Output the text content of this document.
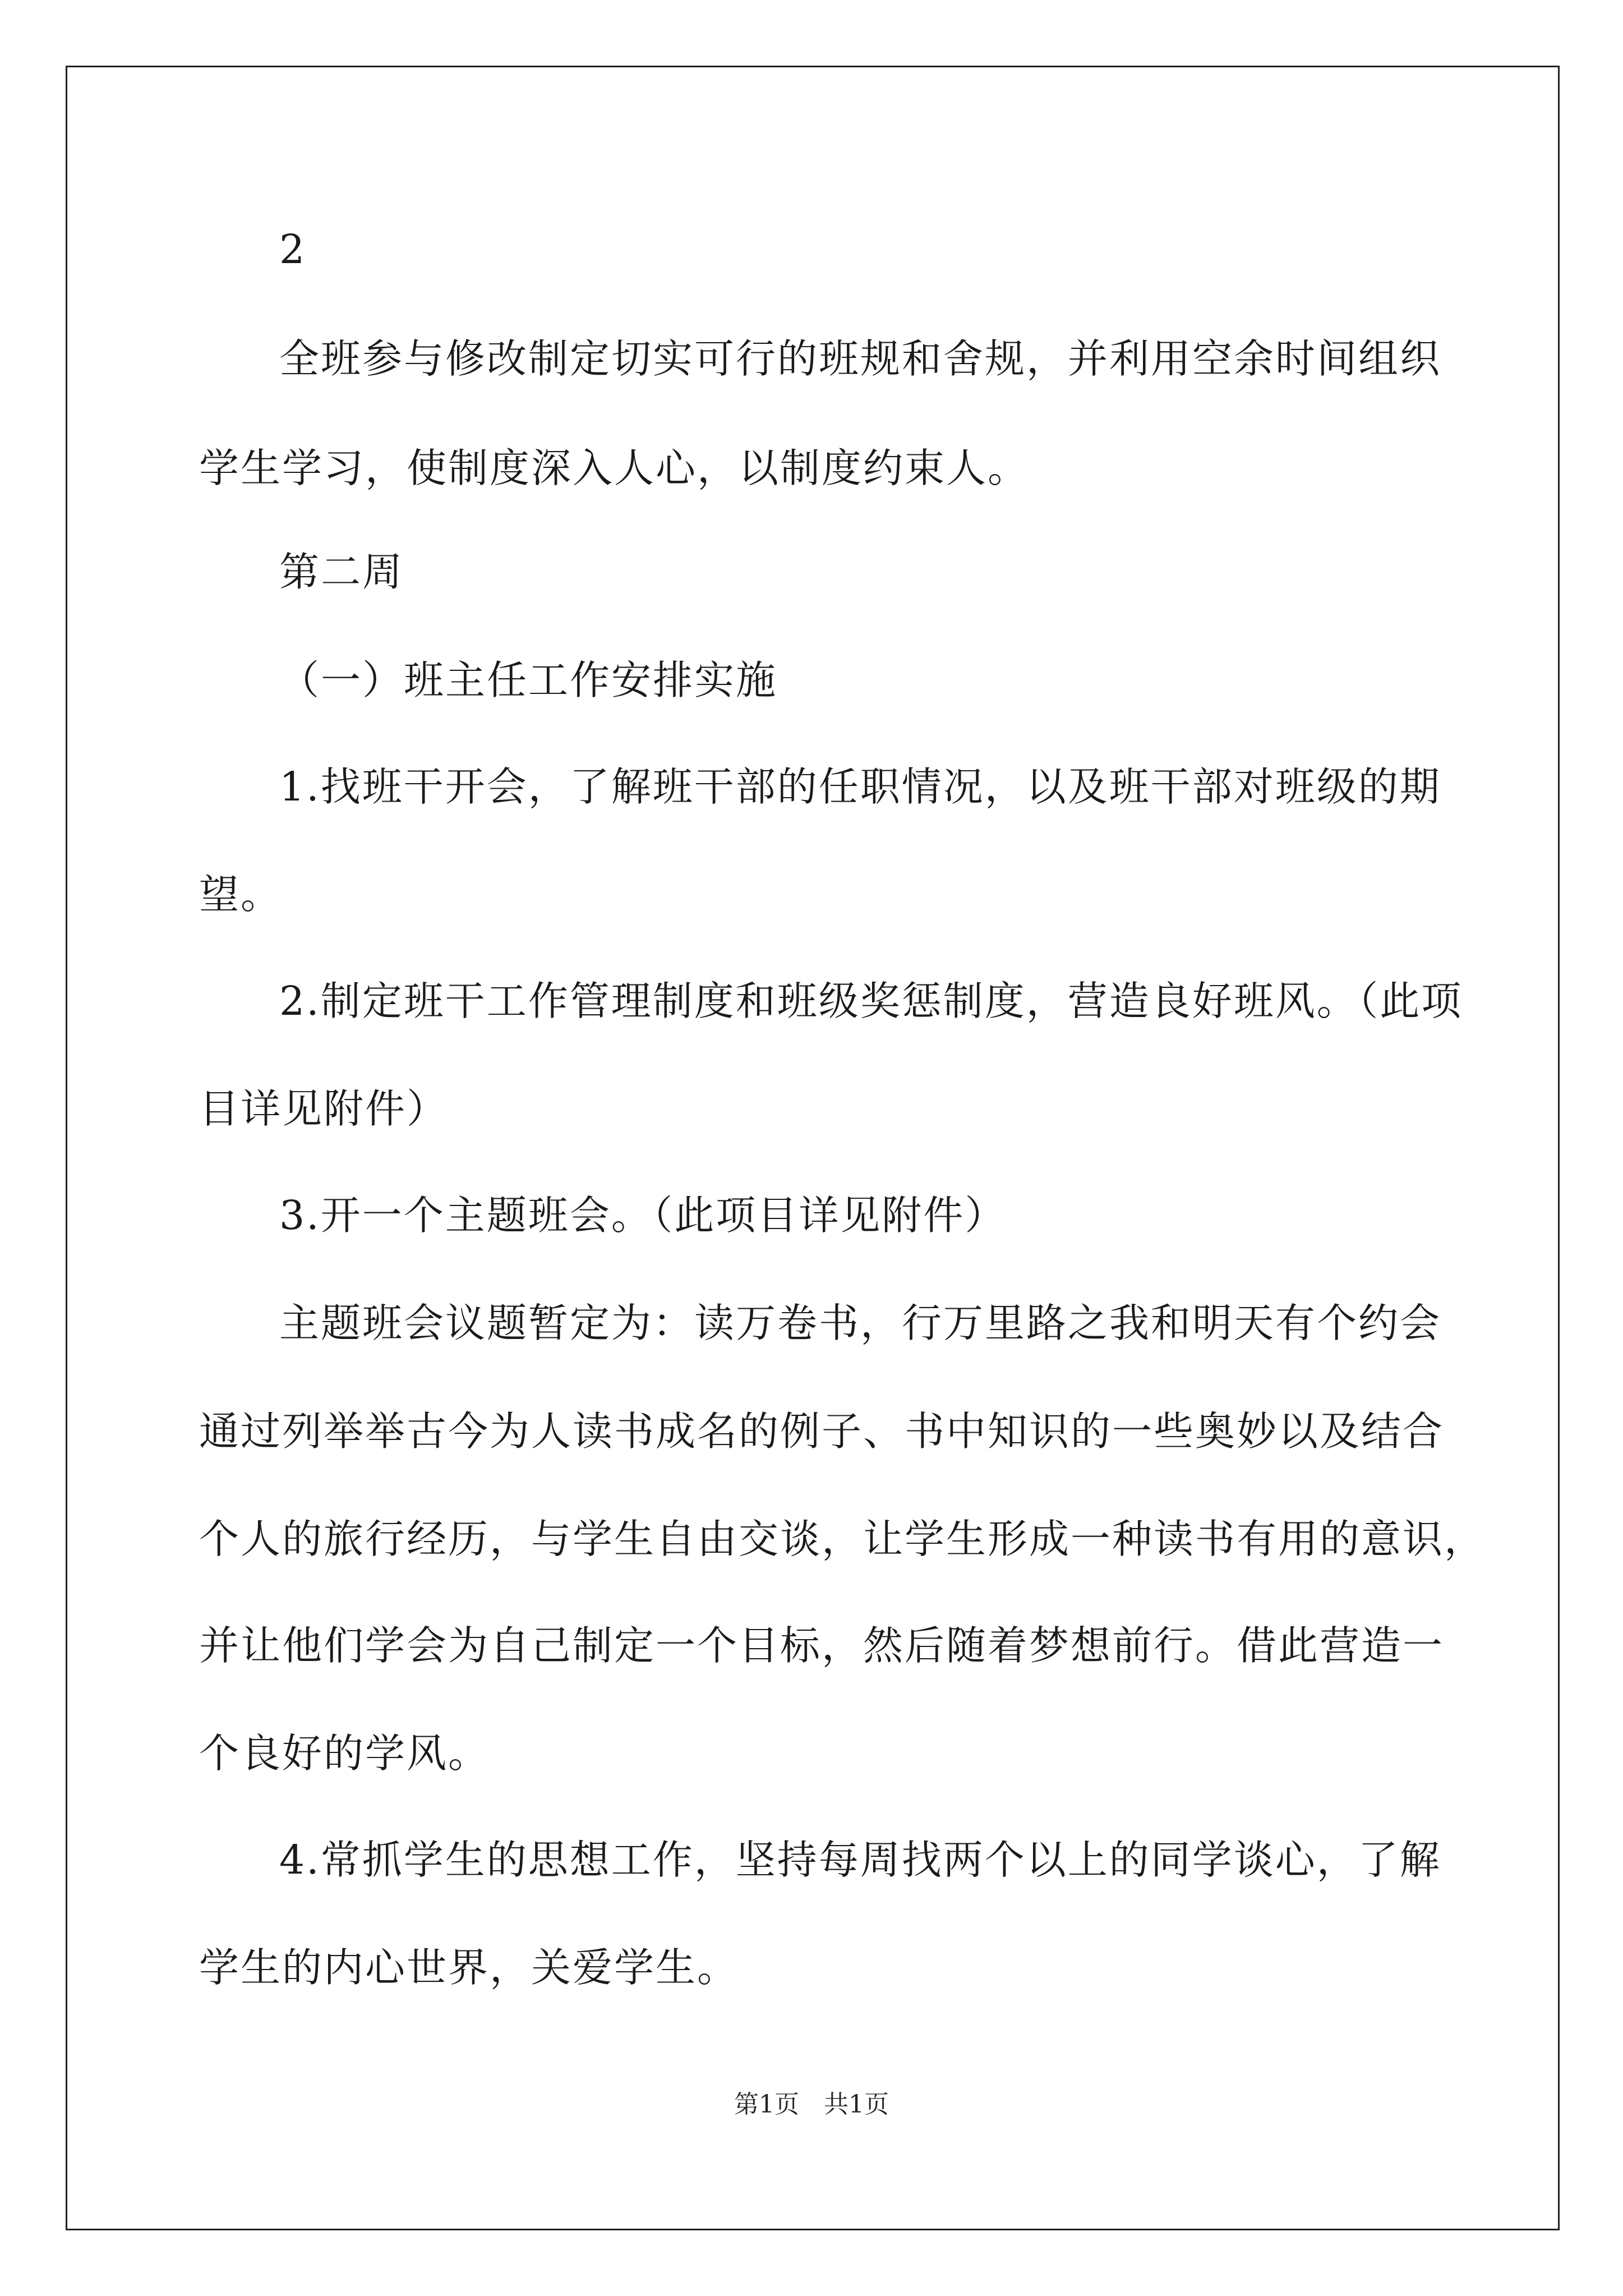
2
全班参与修改制定切实可行的班规和舍规，并利用空余时间组织
学生学习，使制度深入人心，以制度约束人。
第二周
（一）班主任工作安排实施
1.找班干开会，了解班干部的任职情况，以及班干部对班级的期
望。
2.制定班干工作管理制度和班级奖惩制度，营造良好班风。（此项
目详见附件）
3.开一个主题班会。（此项目详见附件）
主题班会议题暂定为：读万卷书，行万里路之我和明天有个约会
通过列举举古今为人读书成名的例子、书中知识的一些奥妙以及结合
个人的旅行经历，与学生自由交谈，让学生形成一种读书有用的意识，
并让他们学会为自己制定一个目标，然后随着梦想前行。借此营造一
个良好的学风。
4.常抓学生的思想工作，坚持每周找两个以上的同学谈心，了解
学生的内心世界，关爱学生。
第1页　共1页
